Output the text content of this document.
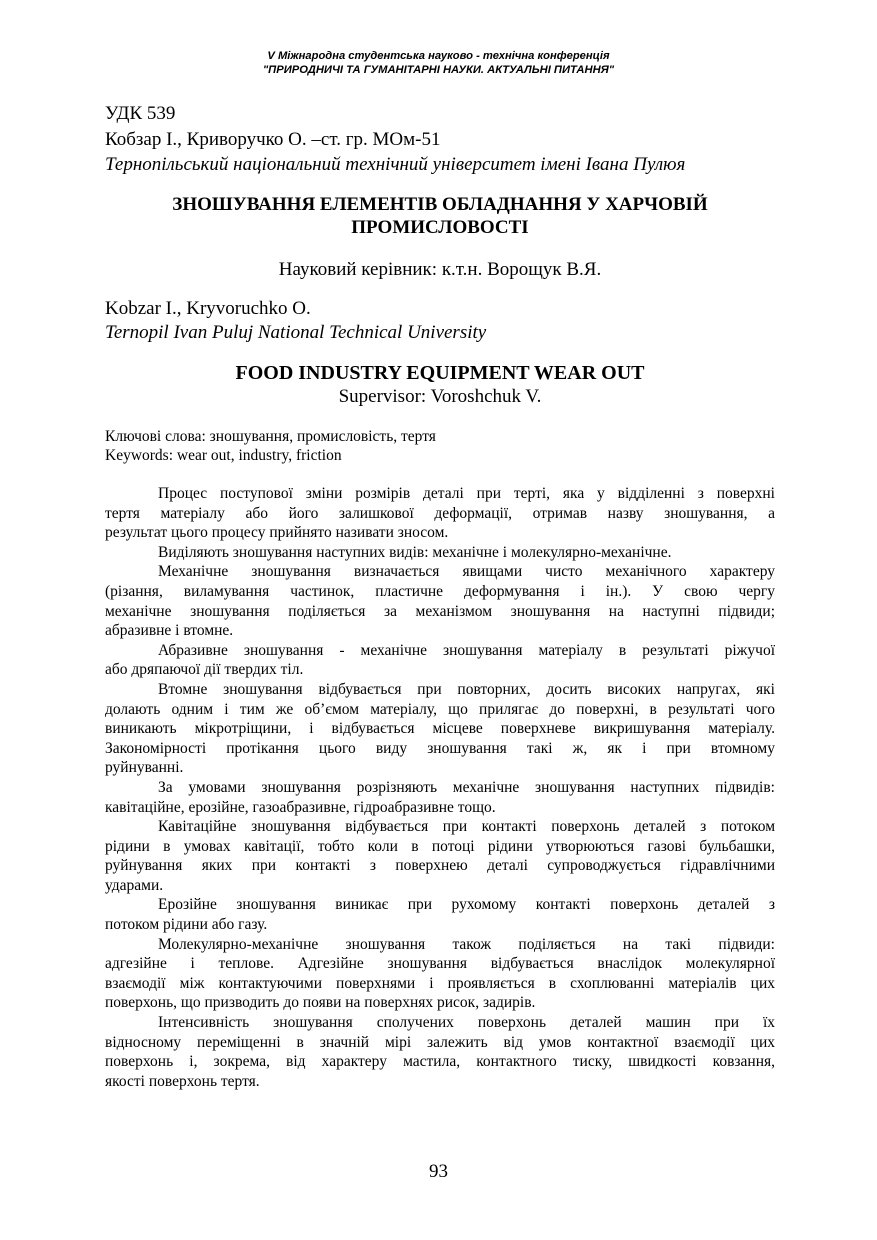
V Міжнародна студентська науково - технічна конференція
"ПРИРОДНИЧІ ТА ГУМАНІТАРНІ НАУКИ. АКТУАЛЬНІ ПИТАННЯ"
УДК 539
Кобзар І., Криворучко О. –ст. гр. МОм-51
Тернопільський національний технічний університет імені Івана Пулюя
ЗНОШУВАННЯ ЕЛЕМЕНТІВ ОБЛАДНАННЯ У ХАРЧОВІЙ
ПРОМИСЛОВОСТІ
Науковий керівник: к.т.н. Ворощук В.Я.
Kobzar I., Kryvoruchko O.
Ternopil Ivan Puluj National Technical University
FOOD INDUSTRY EQUIPMENT WEAR OUT
Supervisor: Voroshchuk V.
Ключові слова: зношування, промисловість, тертя
Keywords: wear out, industry, friction
Процес поступової зміни розмірів деталі при терті, яка у відділенні з поверхні
тертя матеріалу або його залишкової деформації, отримав назву зношування, а
результат цього процесу прийнято називати зносом.
Виділяють зношування наступних видів: механічне і молекулярно-механічне.
Механічне зношування визначається явищами чисто механічного характеру
(різання, виламування частинок, пластичне деформування і ін.). У свою чергу
механічне зношування поділяється за механізмом зношування на наступні підвиди;
абразивне і втомне.
Абразивне зношування - механічне зношування матеріалу в результаті ріжучої
або дряпаючої дії твердих тіл.
Втомне зношування відбувається при повторних, досить високих напругах, які
долають одним і тим же об’ємом матеріалу, що прилягає до поверхні, в результаті чого
виникають мікротріщини, і відбувається місцеве поверхневе викришування матеріалу.
Закономірності протікання цього виду зношування такі ж, як і при втомному
руйнуванні.
За умовами зношування розрізняють механічне зношування наступних підвидів:
кавітаційне, ерозійне, газоабразивне, гідроабразивне тощо.
Кавітаційне зношування відбувається при контакті поверхонь деталей з потоком
рідини в умовах кавітації, тобто коли в потоці рідини утворюються газові бульбашки,
руйнування яких при контакті з поверхнею деталі супроводжується гідравлічними
ударами.
Ерозійне зношування виникає при рухомому контакті поверхонь деталей з
потоком рідини або газу.
Молекулярно-механічне зношування також поділяється на такі підвиди:
адгезійне і теплове. Адгезійне зношування відбувається внаслідок молекулярної
взаємодії між контактуючими поверхнями і проявляється в схоплюванні матеріалів цих
поверхонь, що призводить до появи на поверхнях рисок, задирів.
Інтенсивність зношування сполучених поверхонь деталей машин при їх
відносному переміщенні в значній мірі залежить від умов контактної взаємодії цих
поверхонь і, зокрема, від характеру мастила, контактного тиску, швидкості ковзання,
якості поверхонь тертя.
93
